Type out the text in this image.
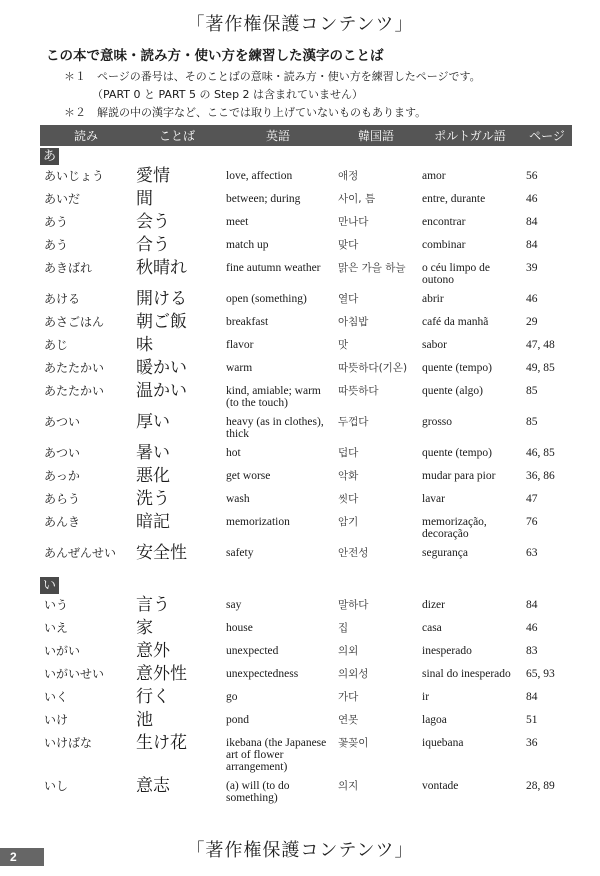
「著作権保護コンテンツ」
この本で意味・読み方・使い方を練習した漢字のことば
＊１　ページの番号は、そのことばの意味・読み方・使い方を練習したページです。
（PART 0 と PART 5 の Step 2 は含まれていません）
＊２　解説の中の漢字など、ここでは取り上げていないものもあります。
読み	ことば	英語	韓国語	ポルトガル語	ページ
あ					
あいじょう	愛情	love, affection	애정	amor	56
あいだ	間	between; during	사이, 틈	entre, durante	46
あう	会う	meet	만나다	encontrar	84
あう	合う	match up	맞다	combinar	84
あきばれ	秋晴れ	fine autumn weather	맑은 가을 하늘	o céu limpo de outono	39
あける	開ける	open (something)	열다	abrir	46
あさごはん	朝ご飯	breakfast	아침밥	café da manhã	29
あじ	味	flavor	맛	sabor	47, 48
あたたかい	暖かい	warm	따뜻하다(기온)	quente (tempo)	49, 85
あたたかい	温かい	kind, amiable; warm (to the touch)	따뜻하다	quente (algo)	85
あつい	厚い	heavy (as in clothes), thick	두껍다	grosso	85
あつい	暑い	hot	덥다	quente (tempo)	46, 85
あっか	悪化	get worse	악화	mudar para pior	36, 86
あらう	洗う	wash	씻다	lavar	47
あんき	暗記	memorization	암기	memorização, decoração	76
あんぜんせい	安全性	safety	안전성	segurança	63
い					
いう	言う	say	말하다	dizer	84
いえ	家	house	집	casa	46
いがい	意外	unexpected	의외	inesperado	83
いがいせい	意外性	unexpectedness	의외성	sinal do inesperado	65, 93
いく	行く	go	가다	ir	84
いけ	池	pond	연못	lagoa	51
いけばな	生け花	ikebana (the Japanese art of flower arrangement)	꽃꽂이	iquebana	36
いし	意志	(a) will (to do something)	의지	vontade	28, 89
「著作権保護コンテンツ」
2
